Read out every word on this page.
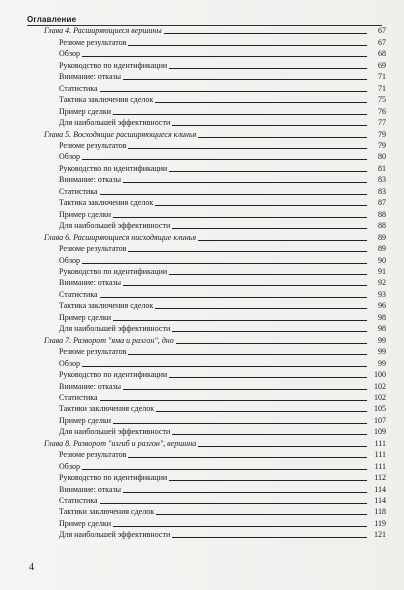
Оглавление
Глава 4. Расширяющиеся вершины	67
Резюме результатов	67
Обзор	68
Руководство по идентификации	69
Внимание: отказы	71
Статистика	71
Тактика заключения сделок	75
Пример сделки	76
Для наибольшей эффективности	77
Глава 5. Восходящие расширяющиеся клинья	79
Резюме результатов	79
Обзор	80
Руководство по идентификации	81
Внимание: отказы	83
Статистика	83
Тактика заключения сделок	87
Пример сделки	88
Для наибольшей эффективности	88
Глава 6. Расширяющиеся нисходящие клинья	89
Резюме результатов	89
Обзор	90
Руководство по идентификации	91
Внимание: отказы	92
Статистика	93
Тактика заключения сделок	96
Пример сделки	98
Для наибольшей эффективности	98
Глава 7. Разворот "яма и разгон", дно	99
Резюме результатов	99
Обзор	99
Руководство по идентификации	100
Внимание: отказы	102
Статистика	102
Тактики заключения сделок	105
Пример сделки	107
Для наибольшей эффективности	109
Глава 8. Разворот "изгиб и разгон", вершина	111
Резюме результатов	111
Обзор	111
Руководство по идентификации	112
Внимание: отказы	114
Статистика	114
Тактики заключения сделок	118
Пример сделки	119
Для наибольшей эффективности	121
4
